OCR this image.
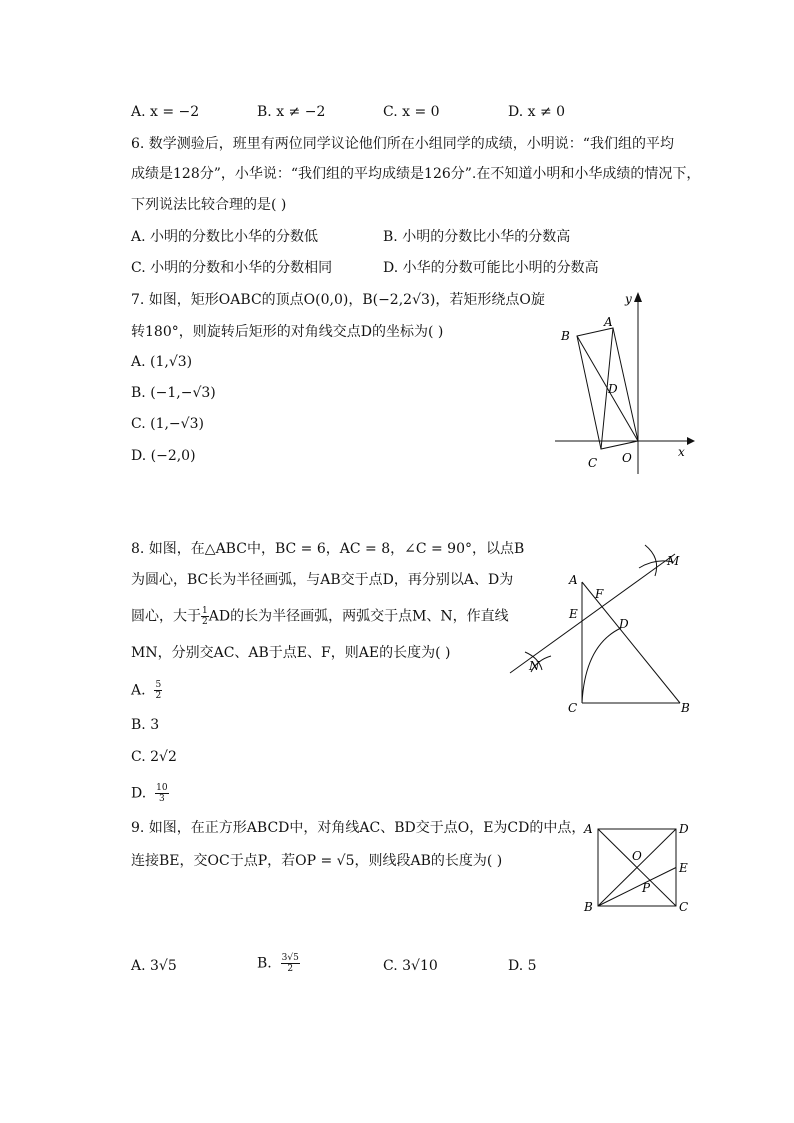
A. x = −2	B. x ≠ −2	C. x = 0	D. x ≠ 0
6. 数学测验后，班里有两位同学议论他们所在小组同学的成绩，小明说：“我们组的平均
成绩是128分”，小华说：“我们组的平均成绩是126分”.在不知道小明和小华成绩的情况下，
下列说法比较合理的是( )
A. 小明的分数比小华的分数低	B. 小明的分数比小华的分数高
C. 小明的分数和小华的分数相同	D. 小华的分数可能比小明的分数高
7. 如图，矩形OABC的顶点O(0,0)，B(−2,2√3)，若矩形绕点O旋
转180°，则旋转后矩形的对角线交点D的坐标为( )
A. (1,√3)
B. (−1,−√3)
C. (1,−√3)
D. (−2,0)
y
x
A
B
C
D
O
8. 如图，在△ABC中，BC = 6，AC = 8，∠C = 90°，以点B
为圆心，BC长为半径画弧，与AB交于点D，再分别以A、D为
圆心，大于 $\frac{1}{2}$ AD的长为半径画弧，两弧交于点M、N，作直线
MN，分别交AC、AB于点E、F，则AE的长度为( )
A. $\frac{5}{2}$
B. 3
C. 2√2
D. $\frac{10}{3}$
A
B
C
D
E
F
M
N
9. 如图，在正方形ABCD中，对角线AC、BD交于点O，E为CD的中点，
连接BE，交OC于点P，若OP = √5，则线段AB的长度为( )
A	D
B	C
E
O
P
A. 3√5	B. $\frac{3√5}{2}$	C. 3√10	D. 5
